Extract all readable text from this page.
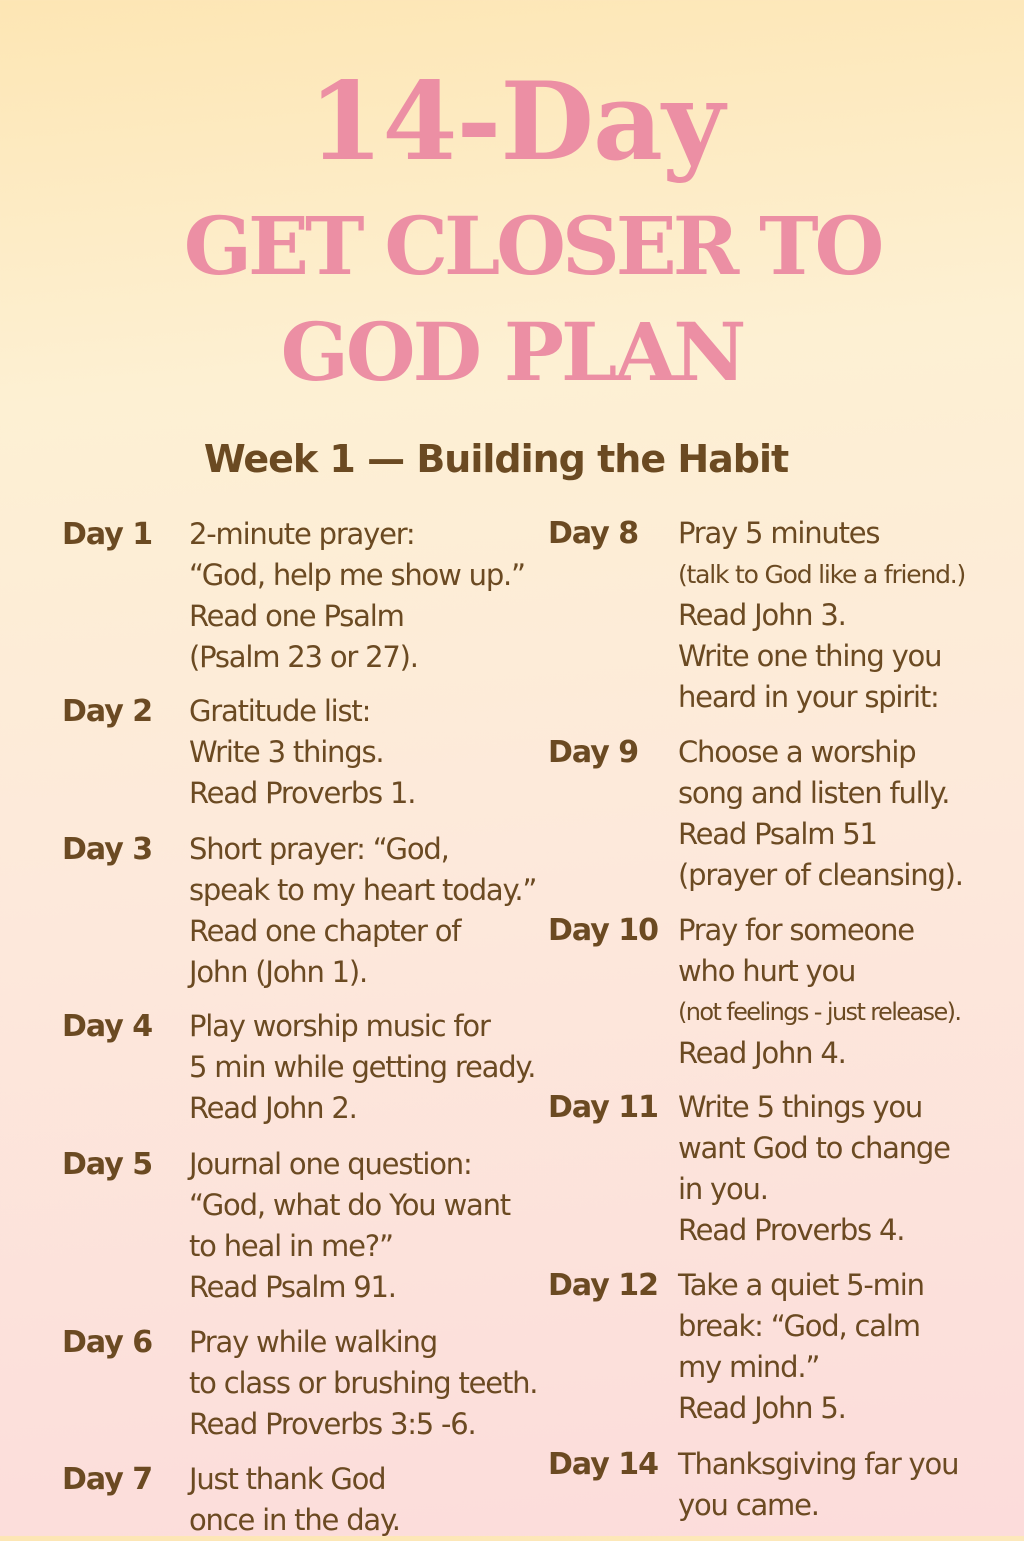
14-Day
GET CLOSER TO
GOD PLAN
Week 1 — Building the Habit
Day 1 2-minute prayer:
“God, help me show up.”
Read one Psalm
(Psalm 23 or 27).
Day 2 Gratitude list:
Write 3 things.
Read Proverbs 1.
Day 3 Short prayer: “God,
speak to my heart today.”
Read one chapter of
John (John 1).
Day 4 Play worship music for
5 min while getting ready.
Read John 2.
Day 5 Journal one question:
“God, what do You want
to heal in me?”
Read Psalm 91.
Day 6 Pray while walking
to class or brushing teeth.
Read Proverbs 3:5 -6.
Day 7 Just thank God
once in the day.
Day 8 Pray 5 minutes
(talk to God like a friend.)
Read John 3.
Write one thing you
heard in your spirit:
Day 9 Choose a worship
song and listen fully.
Read Psalm 51
(prayer of cleansing).
Day 10 Pray for someone
who hurt you
(not feelings - just release).
Read John 4.
Day 11 Write 5 things you
want God to change
in you.
Read Proverbs 4.
Day 12 Take a quiet 5-min
break: “God, calm
my mind.”
Read John 5.
Day 14 Thanksgiving far you
you came.
